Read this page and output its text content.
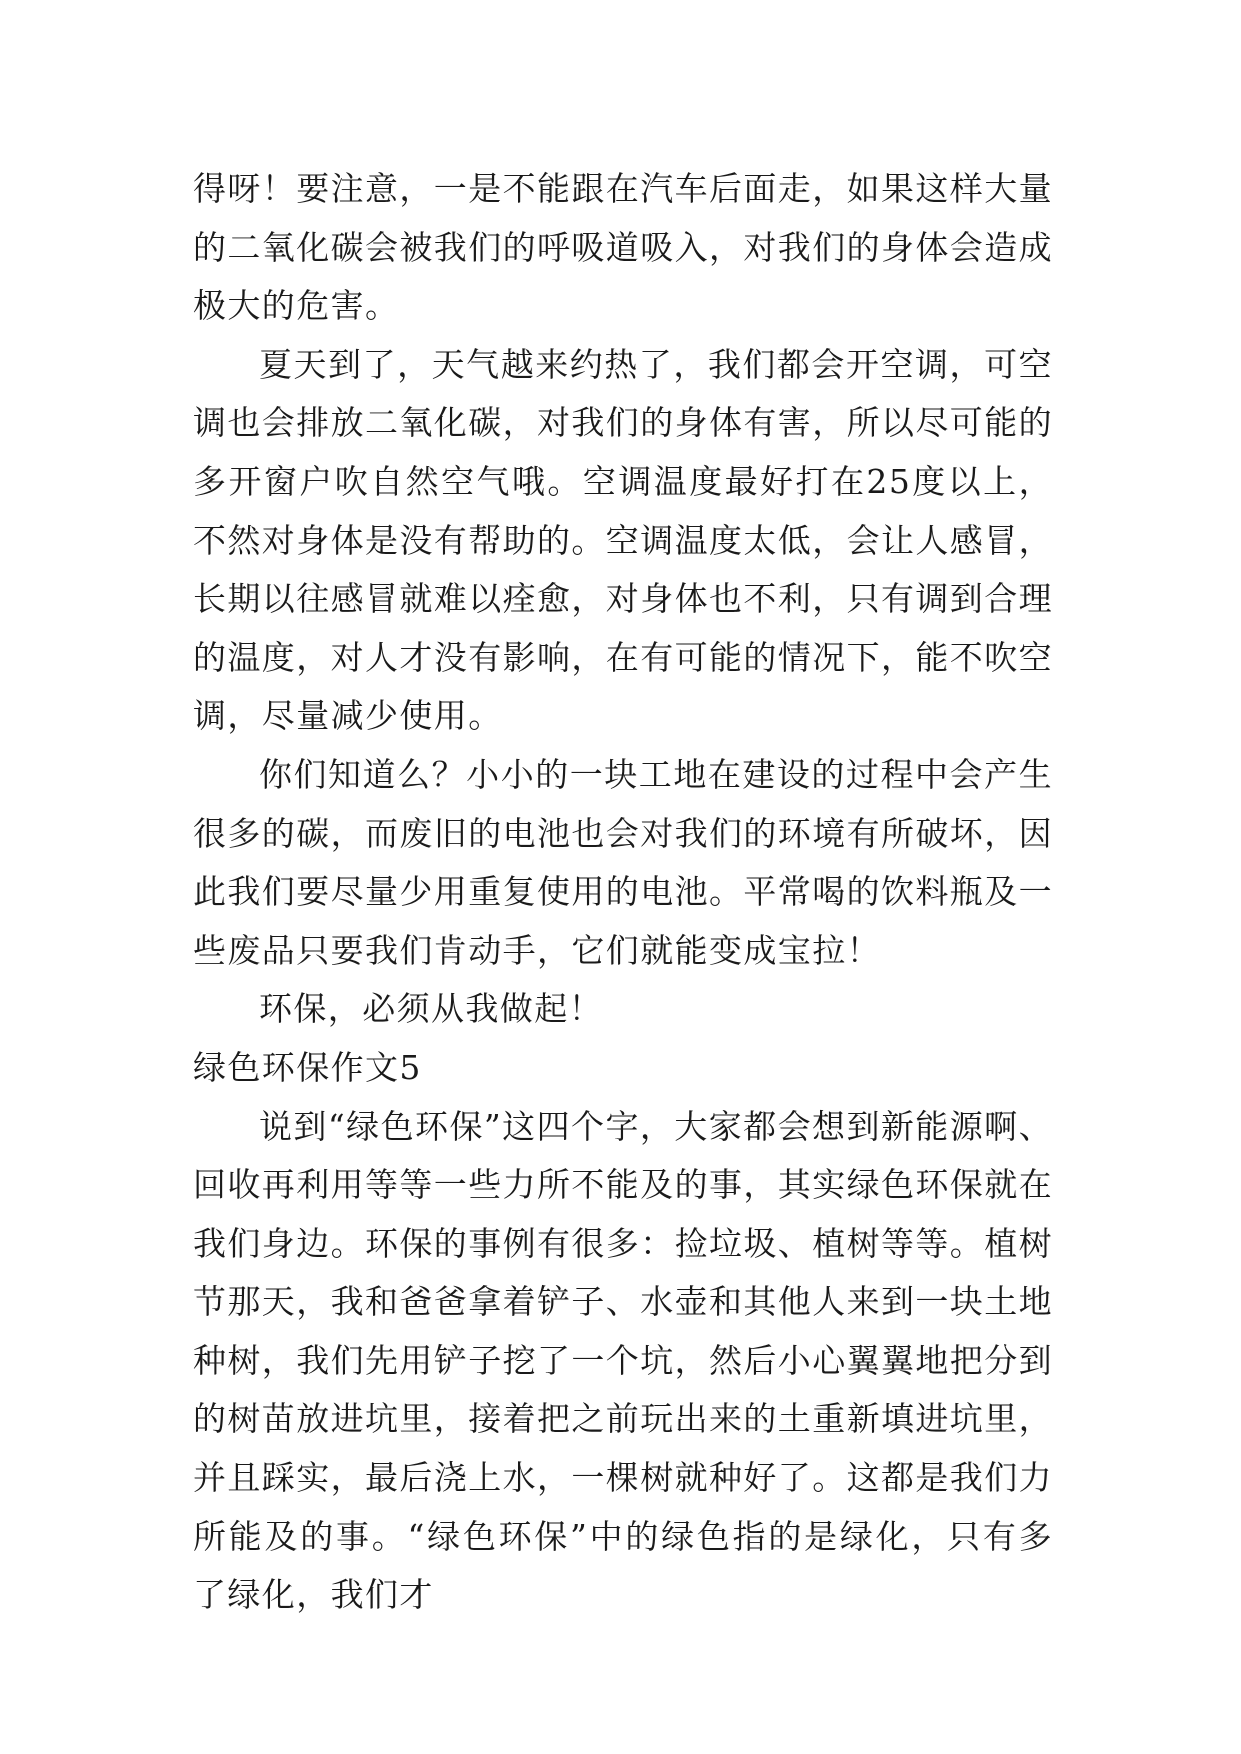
得呀！要注意，一是不能跟在汽车后面走，如果这样大量的二氧化碳会被我们的呼吸道吸入，对我们的身体会造成极大的危害。

夏天到了，天气越来约热了，我们都会开空调，可空调也会排放二氧化碳，对我们的身体有害，所以尽可能的多开窗户吹自然空气哦。空调温度最好打在25度以上，不然对身体是没有帮助的。空调温度太低，会让人感冒，长期以往感冒就难以痊愈，对身体也不利，只有调到合理的温度，对人才没有影响，在有可能的情况下，能不吹空调，尽量减少使用。

你们知道么？小小的一块工地在建设的过程中会产生很多的碳，而废旧的电池也会对我们的环境有所破坏，因此我们要尽量少用重复使用的电池。平常喝的饮料瓶及一些废品只要我们肯动手，它们就能变成宝拉！

环保，必须从我做起！

绿色环保作文5

说到“绿色环保”这四个字，大家都会想到新能源啊、回收再利用等等一些力所不能及的事，其实绿色环保就在我们身边。环保的事例有很多：捡垃圾、植树等等。植树节那天，我和爸爸拿着铲子、水壶和其他人来到一块土地种树，我们先用铲子挖了一个坑，然后小心翼翼地把分到的树苗放进坑里，接着把之前玩出来的土重新填进坑里，并且踩实，最后浇上水，一棵树就种好了。这都是我们力所能及的事。“绿色环保”中的绿色指的是绿化，只有多了绿化，我们才
